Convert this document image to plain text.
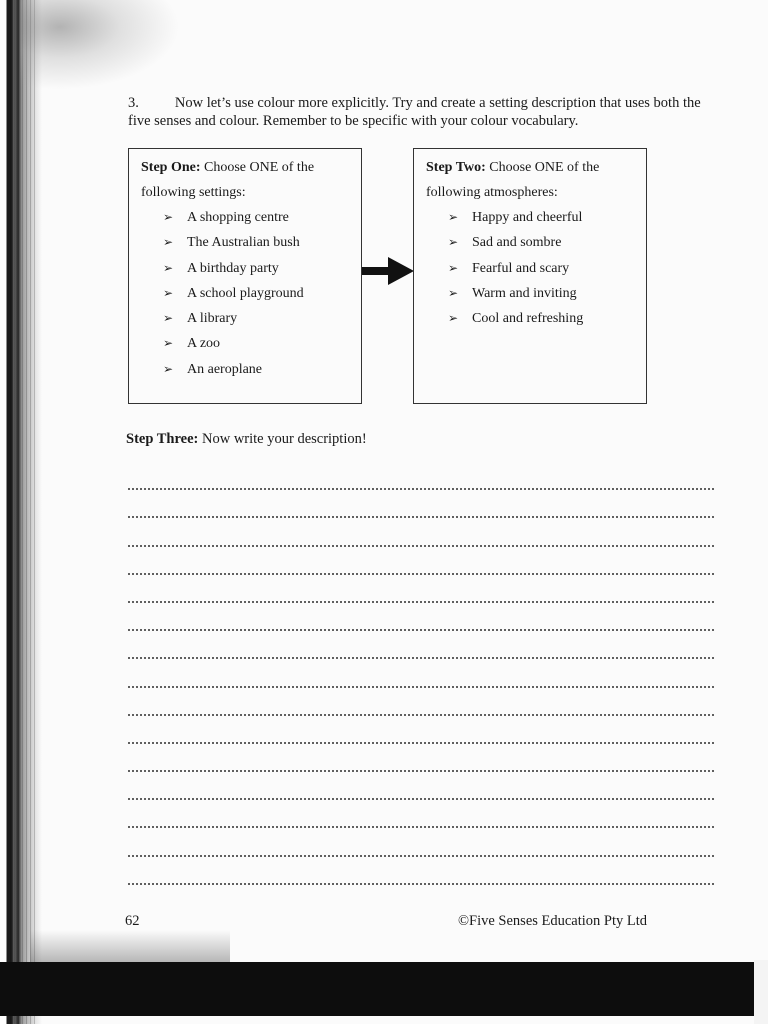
3. Now let’s use colour more explicitly. Try and create a setting description that uses both the five senses and colour. Remember to be specific with your colour vocabulary.

Step One: Choose ONE of the following settings:

➢ A shopping centre
➢ The Australian bush
➢ A birthday party
➢ A school playground
➢ A library
➢ A zoo
➢ An aeroplane

Step Two: Choose ONE of the following atmospheres:

➢ Happy and cheerful
➢ Sad and sombre
➢ Fearful and scary
➢ Warm and inviting
➢ Cool and refreshing

Step Three: Now write your description!

62	©Five Senses Education Pty Ltd
